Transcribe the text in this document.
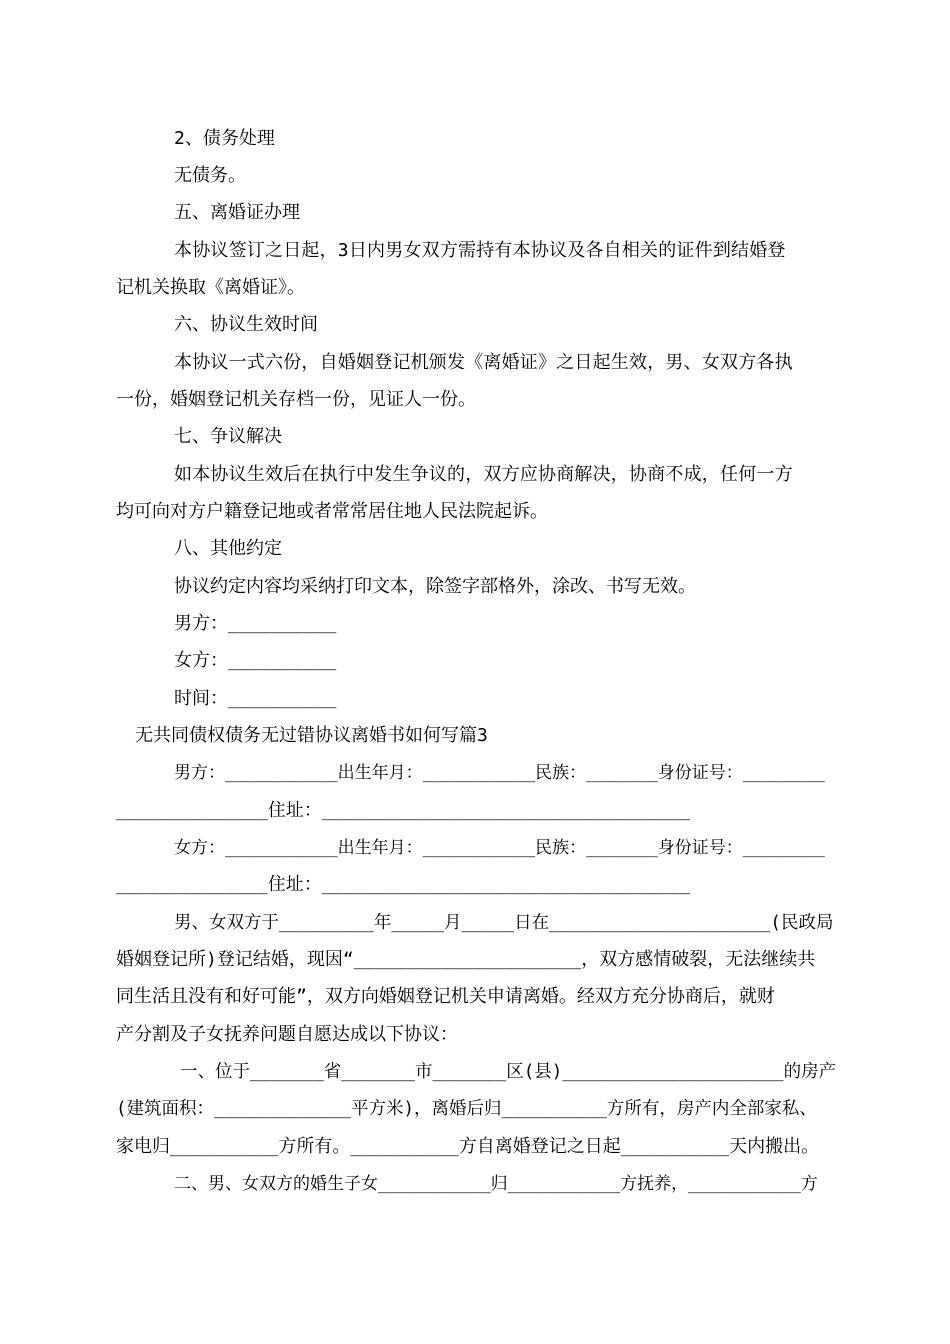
2、债务处理
无债务。
五、离婚证办理
本协议签订之日起，3日内男女双方需持有本协议及各自相关的证件到结婚登
记机关换取《离婚证》。
六、协议生效时间
本协议一式六份，自婚姻登记机颁发《离婚证》之日起生效，男、女双方各执
一份，婚姻登记机关存档一份，见证人一份。
七、争议解决
如本协议生效后在执行中发生争议的，双方应协商解决，协商不成，任何一方
均可向对方户籍登记地或者常常居住地人民法院起诉。
八、其他约定
协议约定内容均采纳打印文本，除签字部格外，涂改、书写无效。
男方：__________
女方：__________
时间：__________
无共同债权债务无过错协议离婚书如何写篇3
男方：___________出生年月：___________民族：_______身份证号：________
______________住址：__________________________________
女方：___________出生年月：___________民族：_______身份证号：________
______________住址：__________________________________
男、女双方于_________年_____月_____日在_____________________(民政局
婚姻登记所)登记结婚，现因“_____________________，双方感情破裂，无法继续共
同生活且没有和好可能”，双方向婚姻登记机关申请离婚。经双方充分协商后，就财
产分割及子女抚养问题自愿达成以下协议：
一、位于_______省_______市_______区(县)_____________________的房产
(建筑面积：_____________平方米)，离婚后归__________方所有，房产内全部家私、
家电归__________方所有。__________方自离婚登记之日起__________天内搬出。
二、男、女双方的婚生子女___________归___________方抚养，___________方
